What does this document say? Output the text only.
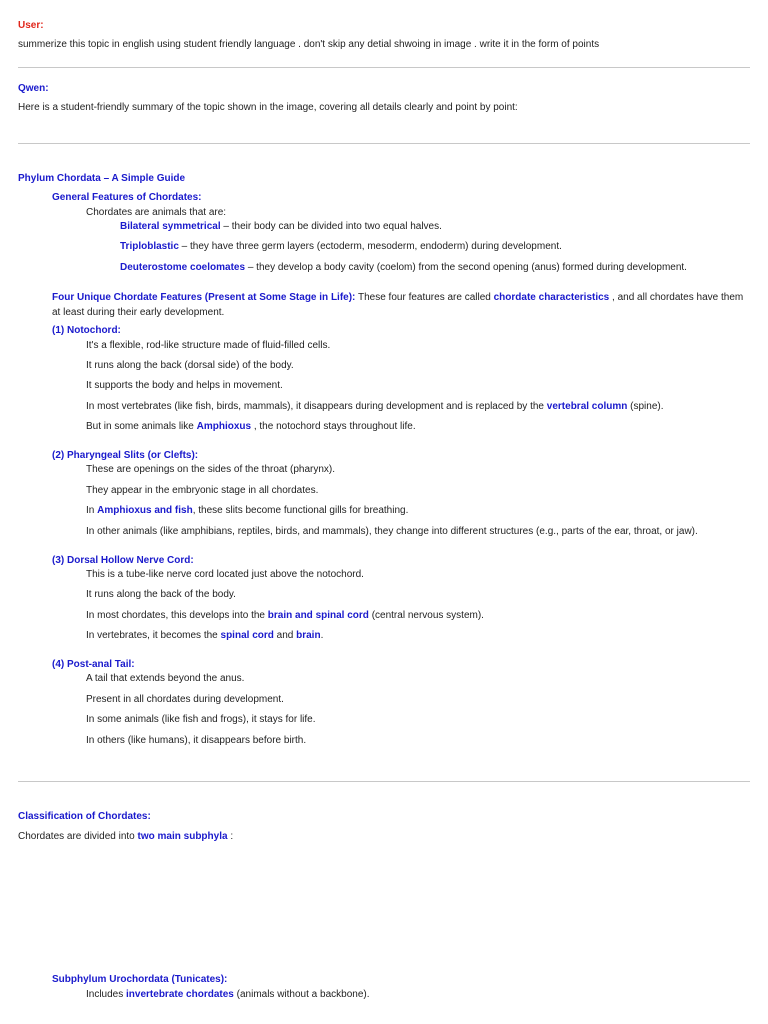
User:
summerize this topic in english using student friendly language . don't skip any detial shwoing in image . write it in the form of points
Qwen:
Here is a student-friendly summary of the topic shown in the image, covering all details clearly and point by point:
Phylum Chordata – A Simple Guide
General Features of Chordates:
Chordates are animals that are:
Bilateral symmetrical – their body can be divided into two equal halves.
Triploblastic – they have three germ layers (ectoderm, mesoderm, endoderm) during development.
Deuterostome coelomates – they develop a body cavity (coelom) from the second opening (anus) formed during development.
Four Unique Chordate Features (Present at Some Stage in Life): These four features are called chordate characteristics , and all chordates have them at least during their early development.
(1) Notochord:
It's a flexible, rod-like structure made of fluid-filled cells.
It runs along the back (dorsal side) of the body.
It supports the body and helps in movement.
In most vertebrates (like fish, birds, mammals), it disappears during development and is replaced by the vertebral column (spine).
But in some animals like Amphioxus , the notochord stays throughout life.
(2) Pharyngeal Slits (or Clefts):
These are openings on the sides of the throat (pharynx).
They appear in the embryonic stage in all chordates.
In Amphioxus and fish, these slits become functional gills for breathing.
In other animals (like amphibians, reptiles, birds, and mammals), they change into different structures (e.g., parts of the ear, throat, or jaw).
(3) Dorsal Hollow Nerve Cord:
This is a tube-like nerve cord located just above the notochord.
It runs along the back of the body.
In most chordates, this develops into the brain and spinal cord (central nervous system).
In vertebrates, it becomes the spinal cord and brain.
(4) Post-anal Tail:
A tail that extends beyond the anus.
Present in all chordates during development.
In some animals (like fish and frogs), it stays for life.
In others (like humans), it disappears before birth.
Classification of Chordates:
Chordates are divided into two main subphyla :
Subphylum Urochordata (Tunicates):
Includes invertebrate chordates (animals without a backbone).
